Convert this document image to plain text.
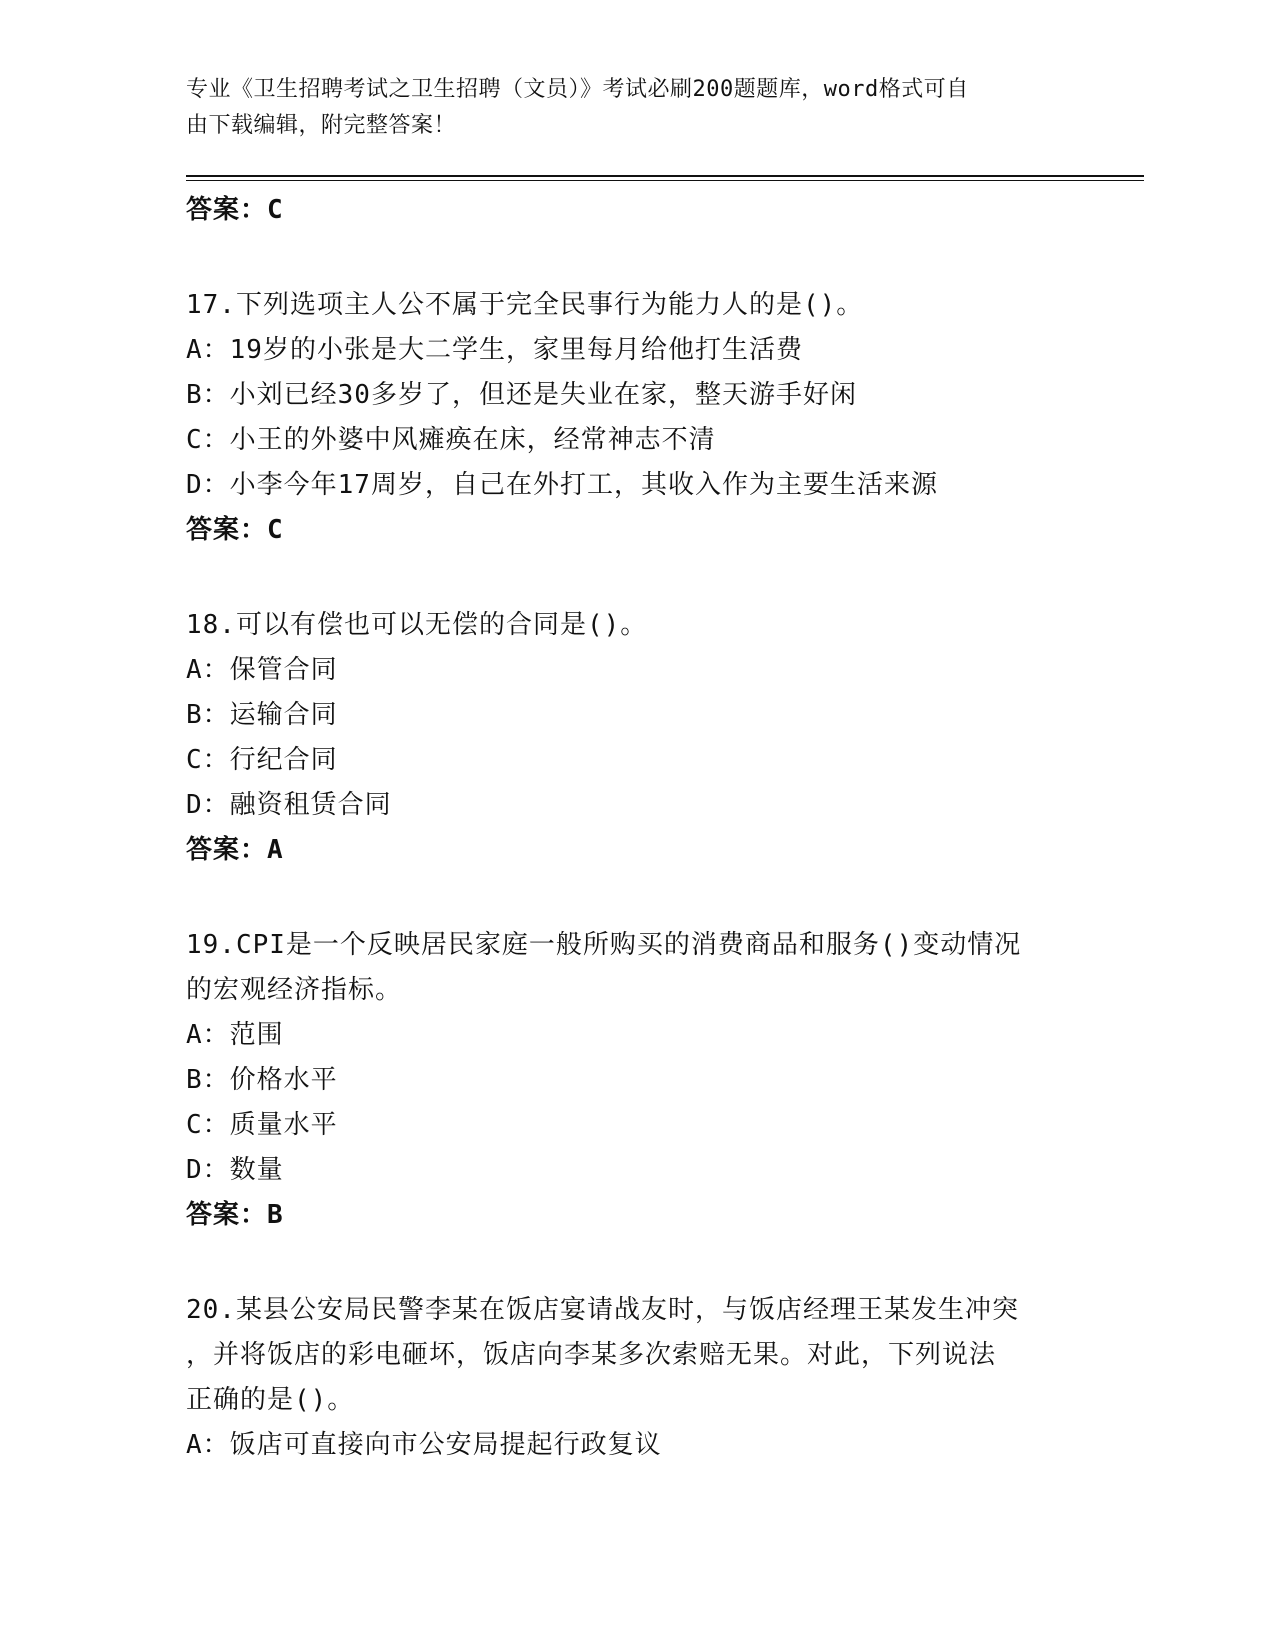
专业《卫生招聘考试之卫生招聘（文员）》考试必刷200题题库，word格式可自
由下载编辑，附完整答案！
答案：C
17.下列选项主人公不属于完全民事行为能力人的是()。
A：19岁的小张是大二学生，家里每月给他打生活费
B：小刘已经30多岁了，但还是失业在家，整天游手好闲
C：小王的外婆中风瘫痪在床，经常神志不清
D：小李今年17周岁，自己在外打工，其收入作为主要生活来源
答案：C
18.可以有偿也可以无偿的合同是()。
A：保管合同
B：运输合同
C：行纪合同
D：融资租赁合同
答案：A
19.CPI是一个反映居民家庭一般所购买的消费商品和服务()变动情况
的宏观经济指标。
A：范围
B：价格水平
C：质量水平
D：数量
答案：B
20.某县公安局民警李某在饭店宴请战友时，与饭店经理王某发生冲突
，并将饭店的彩电砸坏，饭店向李某多次索赔无果。对此，下列说法
正确的是()。
A：饭店可直接向市公安局提起行政复议
